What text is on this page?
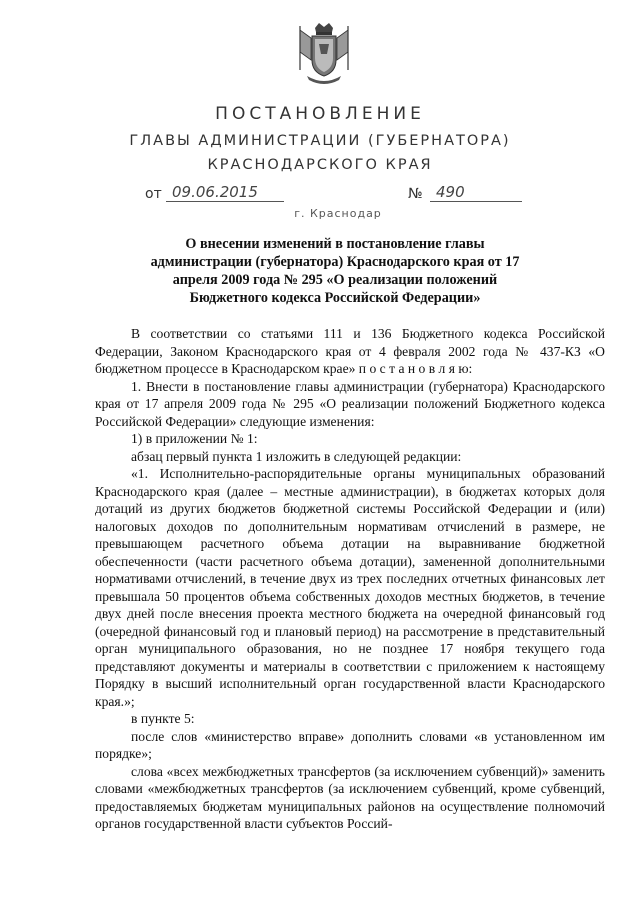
ПОСТАНОВЛЕНИЕ
ГЛАВЫ АДМИНИСТРАЦИИ (ГУБЕРНАТОРА)
КРАСНОДАРСКОГО КРАЯ
от 09.06.2015	№ 490
г. Краснодар
О внесении изменений в постановление главы администрации (губернатора) Краснодарского края от 17 апреля 2009 года № 295 «О реализации положений Бюджетного кодекса Российской Федерации»

В соответствии со статьями 111 и 136 Бюджетного кодекса Российской Федерации, Законом Краснодарского края от 4 февраля 2002 года № 437-КЗ «О бюджетном процессе в Краснодарском крае» п о с т а н о в л я ю:

1. Внести в постановление главы администрации (губернатора) Краснодарского края от 17 апреля 2009 года № 295 «О реализации положений Бюджетного кодекса Российской Федерации» следующие изменения:

1) в приложении № 1:

абзац первый пункта 1 изложить в следующей редакции:

«1. Исполнительно-распорядительные органы муниципальных образований Краснодарского края (далее – местные администрации), в бюджетах которых доля дотаций из других бюджетов бюджетной системы Российской Федерации и (или) налоговых доходов по дополнительным нормативам отчислений в размере, не превышающем расчетного объема дотации на выравнивание бюджетной обеспеченности (части расчетного объема дотации), замененной дополнительными нормативами отчислений, в течение двух из трех последних отчетных финансовых лет превышала 50 процентов объема собственных доходов местных бюджетов, в течение двух дней после внесения проекта местного бюджета на очередной финансовый год (очередной финансовый год и плановый период) на рассмотрение в представительный орган муниципального образования, но не позднее 17 ноября текущего года представляют документы и материалы в соответствии с приложением к настоящему Порядку в высший исполнительный орган государственной власти Краснодарского края.»;

в пункте 5:

после слов «министерство вправе» дополнить словами «в установленном им порядке»;

слова «всех межбюджетных трансфертов (за исключением субвенций)» заменить словами «межбюджетных трансфертов (за исключением субвенций, кроме субвенций, предоставляемых бюджетам муниципальных районов на осуществление полномочий органов государственной власти субъектов Россий-
